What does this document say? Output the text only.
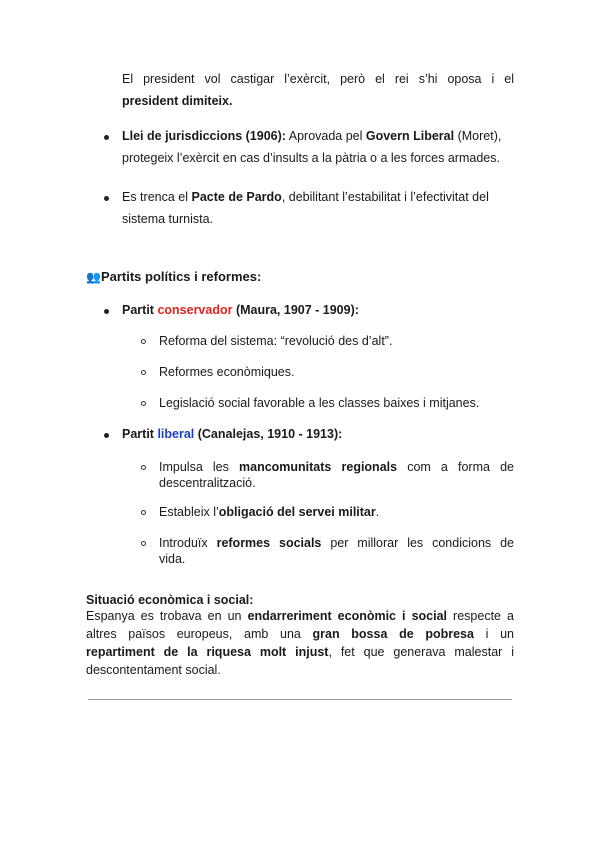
El president vol castigar l’exèrcit, però el rei s’hi oposa i el
president dimiteix.
Llei de jurisdiccions (1906): Aprovada pel Govern Liberal (Moret),
protegeix l’exèrcit en cas d’insults a la pàtria o a les forces armades.
Es trenca el Pacte de Pardo, debilitant l’estabilitat i l’efectivitat del
sistema turnista.
👥Partits polítics i reformes:
Partit conservador (Maura, 1907 - 1909):
Reforma del sistema: “revolució des d’alt”.
Reformes econòmiques.
Legislació social favorable a les classes baixes i mitjanes.
Partit liberal (Canalejas, 1910 - 1913):
Impulsa les mancomunitats regionals com a forma de
descentralització.
Estableix l’obligació del servei militar.
Introduïx reformes socials per millorar les condicions de
vida.
Situació econòmica i social:
Espanya es trobava en un endarreriment econòmic i social respecte a
altres països europeus, amb una gran bossa de pobresa i un
repartiment de la riquesa molt injust, fet que generava malestar i
descontentament social.
